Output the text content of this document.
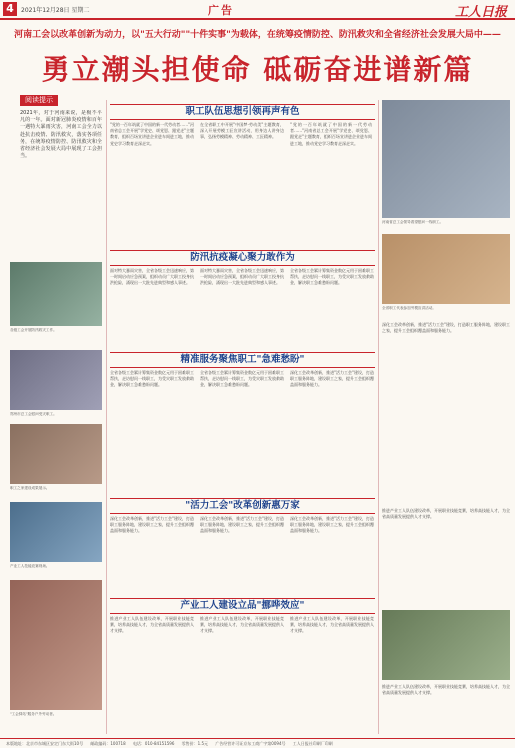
4	2021年12月28日 星期二	广告	工人日报
河南工会以改革创新为动力，以"五大行动""十件实事"为载体，在统筹疫情防控、防汛救灾和全省经济社会发展大局中——
勇立潮头担使命 砥砺奋进谱新篇
阅读提示
2021年，对于河南来说，是极不平凡的一年。面对新冠肺炎疫情和百年一遇特大暴雨灾害，河南工会全力以赴抗击疫情、防汛救灾，落实各项任务，在统筹疫情防控、防汛救灾和全省经济社会发展大局中展现了工会担当。
职工队伍思想引领再声有色
"党的一百年筑就了中国的新一代劳动者……"河南省总工会开展"学党史、颂党恩、跟党走"主题教育，组织百场宣讲进企业进车间进工地，推动党史学习教育走深走实。
在全省职工中开展"中国梦·劳动美"主题教育，深入开展劳模工匠宣讲活动，用身边人讲身边事，弘扬劳模精神、劳动精神、工匠精神。
"党的一百年筑就了中国的新一代劳动者……"河南省总工会开展"学党史、颂党恩、跟党走"主题教育，组织百场宣讲进企业进车间进工地，推动党史学习教育走深走实。
河南省总工会领导看望慰问一线职工。
全省职工代表参加劳模宣讲活动。
防汛抗疫凝心聚力敢作为
面对特大暴雨灾害，全省各级工会迅速响应，第一时间启动应急预案，组织动员广大职工投身抗洪抢险，涌现出一大批先进典型和感人事迹。
面对特大暴雨灾害，全省各级工会迅速响应，第一时间启动应急预案，组织动员广大职工投身抗洪抢险，涌现出一大批先进典型和感人事迹。
全省各级工会累计筹集资金数亿元用于困难职工帮扶，走访慰问一线职工，为受灾职工发放救助金，解决职工急难愁盼问题。
各级工会开展防汛救灾工作。
精准服务聚焦职工"急难愁盼"
全省各级工会累计筹集资金数亿元用于困难职工帮扶，走访慰问一线职工，为受灾职工发放救助金，解决职工急难愁盼问题。
全省各级工会累计筹集资金数亿元用于困难职工帮扶，走访慰问一线职工，为受灾职工发放救助金，解决职工急难愁盼问题。
深化工会改革创新，推进"活力工会"建设，打造职工服务阵地，建设职工之家，提升工会组织覆盖面和服务能力。
深化工会改革创新，推进"活力工会"建设，打造职工服务阵地，建设职工之家，提升工会组织覆盖面和服务能力。
郑州市总工会慰问受灾职工。
职工之家建设成果展示。
"活力工会"改革创新惠万家
深化工会改革创新，推进"活力工会"建设，打造职工服务阵地，建设职工之家，提升工会组织覆盖面和服务能力。
深化工会改革创新，推进"活力工会"建设，打造职工服务阵地，建设职工之家，提升工会组织覆盖面和服务能力。
深化工会改革创新，推进"活力工会"建设，打造职工服务阵地，建设职工之家，提升工会组织覆盖面和服务能力。
推进产业工人队伍建设改革，开展职业技能竞赛，培养高技能人才，为全省高质量发展提供人才支撑。
产业工人技能竞赛现场。
产业工人建设立品"挪哗效应"
推进产业工人队伍建设改革，开展职业技能竞赛，培养高技能人才，为全省高质量发展提供人才支撑。
推进产业工人队伍建设改革，开展职业技能竞赛，培养高技能人才，为全省高质量发展提供人才支撑。
推进产业工人队伍建设改革，开展职业技能竞赛，培养高技能人才，为全省高质量发展提供人才支撑。
"工会驿站"服务户外劳动者。
推进产业工人队伍建设改革，开展职业技能竞赛，培养高技能人才，为全省高质量发展提供人才支撑。
本版地址：北京市东城区安定门东大街10号 邮政编码：100718 电话：010-84151596 零售价：1.5元 广告经营许可证京东工商广字第0094号 工人日报社印刷厂印刷
